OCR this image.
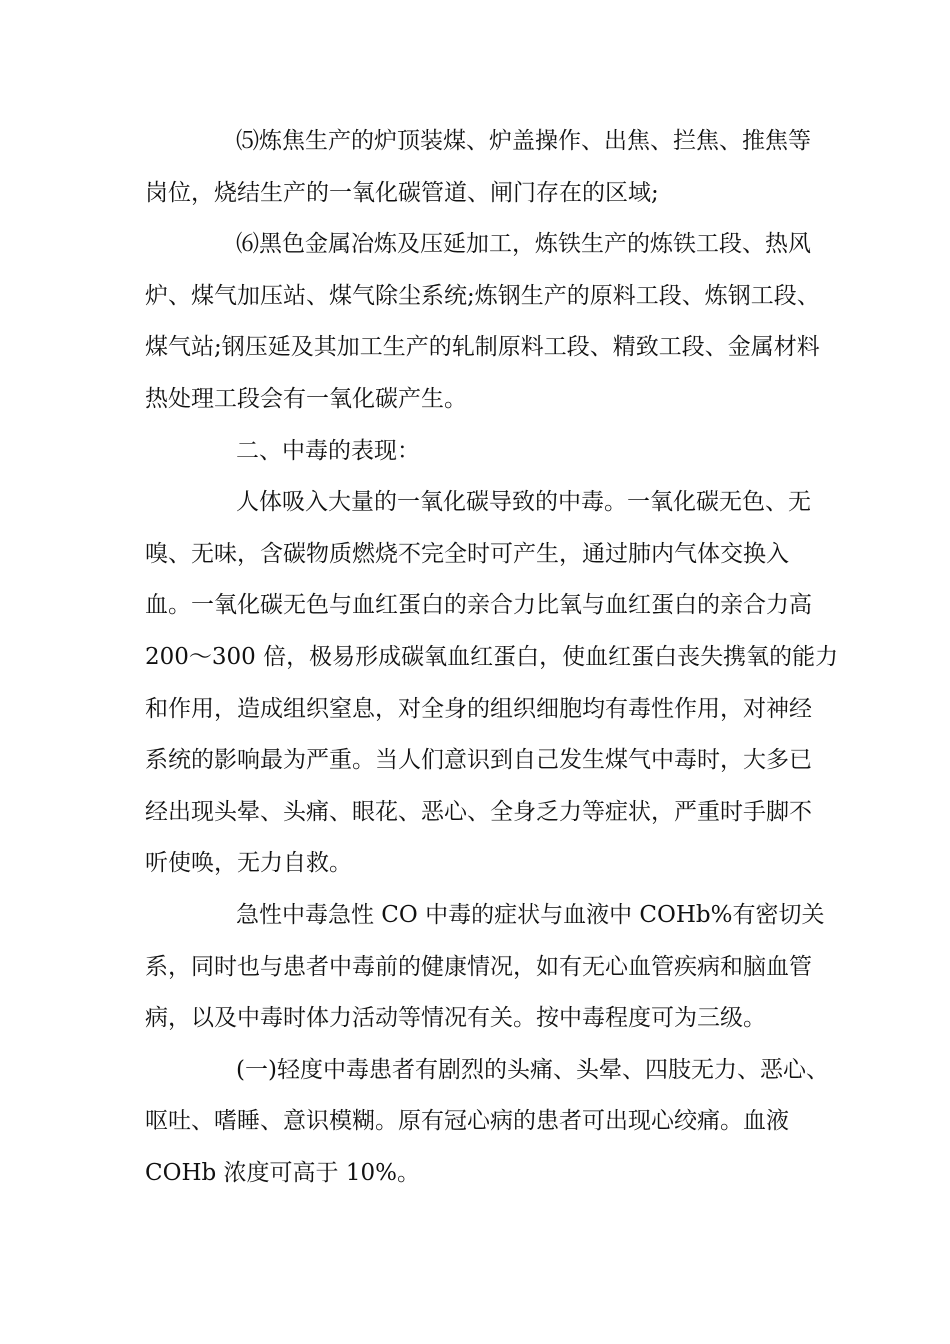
⑸炼焦生产的炉顶装煤、炉盖操作、出焦、拦焦、推焦等
岗位，烧结生产的一氧化碳管道、闸门存在的区域;
⑹黑色金属冶炼及压延加工，炼铁生产的炼铁工段、热风
炉、煤气加压站、煤气除尘系统;炼钢生产的原料工段、炼钢工段、
煤气站;钢压延及其加工生产的轧制原料工段、精致工段、金属材料
热处理工段会有一氧化碳产生。
二、中毒的表现：
人体吸入大量的一氧化碳导致的中毒。一氧化碳无色、无
嗅、无味，含碳物质燃烧不完全时可产生，通过肺内气体交换入
血。一氧化碳无色与血红蛋白的亲合力比氧与血红蛋白的亲合力高
200～300 倍，极易形成碳氧血红蛋白，使血红蛋白丧失携氧的能力
和作用，造成组织窒息，对全身的组织细胞均有毒性作用，对神经
系统的影响最为严重。当人们意识到自己发生煤气中毒时，大多已
经出现头晕、头痛、眼花、恶心、全身乏力等症状，严重时手脚不
听使唤，无力自救。
急性中毒急性 CO 中毒的症状与血液中 COHb%有密切关
系，同时也与患者中毒前的健康情况，如有无心血管疾病和脑血管
病，以及中毒时体力活动等情况有关。按中毒程度可为三级。
(一)轻度中毒患者有剧烈的头痛、头晕、四肢无力、恶心、
呕吐、嗜睡、意识模糊。原有冠心病的患者可出现心绞痛。血液
COHb 浓度可高于 10%。
